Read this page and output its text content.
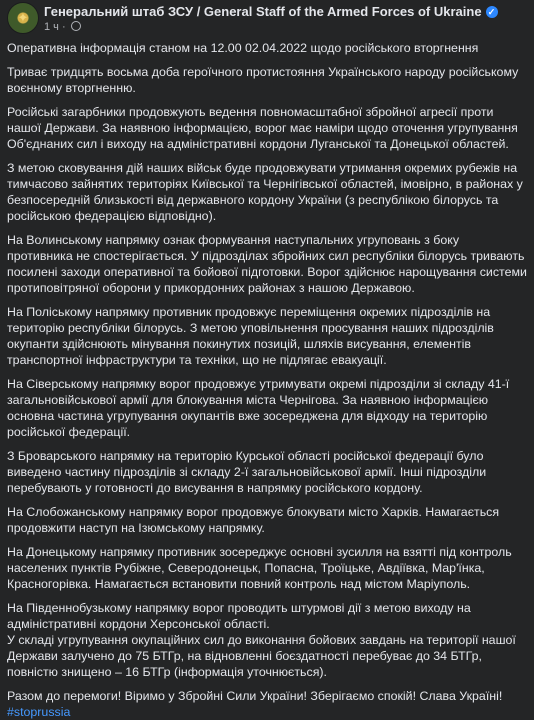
✦	Генеральний штаб ЗСУ / General Staff of the Armed Forces of Ukraine ✓
1 ч ·

Оперативна інформація станом на 12.00 02.04.2022 щодо російського вторгнення

Триває тридцять восьма доба героїчного протистояння Українського народу російському воєнному вторгненню.

Російські загарбники продовжують ведення повномасштабної збройної агресії проти нашої Держави. За наявною інформацією, ворог має наміри щодо оточення угрупування Об'єднаних сил і виходу на адміністративні кордони Луганської та Донецької областей.

З метою сковування дій наших військ буде продовжувати утримання окремих рубежів на тимчасово зайнятих територіях Київської та Чернігівської областей, імовірно, в районах у безпосередній близькості від державного кордону України (з республікою білорусь та російською федерацією відповідно).

На Волинському напрямку ознак формування наступальних угруповань з боку противника не спостерігається. У підрозділах збройних сил республіки білорусь тривають посилені заходи оперативної та бойової підготовки. Ворог здійснює нарощування системи протиповітряної оборони у прикордонних районах з нашою Державою.

На Поліському напрямку противник продовжує переміщення окремих підрозділів на територію республіки білорусь. З метою уповільнення просування наших підрозділів окупанти здійснюють мінування покинутих позицій, шляхів висування, елементів транспортної інфраструктури та техніки, що не підлягає евакуації.

На Сіверському напрямку ворог продовжує утримувати окремі підрозділи зі складу 41-ї загальновійськової армії для блокування міста Чернігова. За наявною інформацією основна частина угрупування окупантів вже зосереджена для відходу на територію російської федерації.

З Броварського напрямку на територію Курської області російської федерації було виведено частину підрозділів зі складу 2-ї загальновійськової армії. Інші підрозділи перебувають у готовності до висування в напрямку російського кордону.

На Слобожанському напрямку ворог продовжує блокувати місто Харків. Намагається продовжити наступ на Ізюмському напрямку.

На Донецькому напрямку противник зосереджує основні зусилля на взятті під контроль населених пунктів Рубіжне, Северодонецьк, Попасна, Троїцьке, Авдіївка, Мар'їнка, Красногорівка. Намагається встановити повний контроль над містом Маріуполь.

На Південнобузькому напрямку ворог проводить штурмові дії з метою виходу на адміністративні кордони Херсонської області.

У складі угрупування окупаційних сил до виконання бойових завдань на території нашої Держави залучено до 75 БТГр, на відновленні боєздатності перебуває до 34 БТГр, повністю знищено – 16 БТГр (інформація уточнюється).

Разом до перемоги! Віримо у Збройні Сили України! Зберігаємо спокій! Слава Україні!

#stoprussia
